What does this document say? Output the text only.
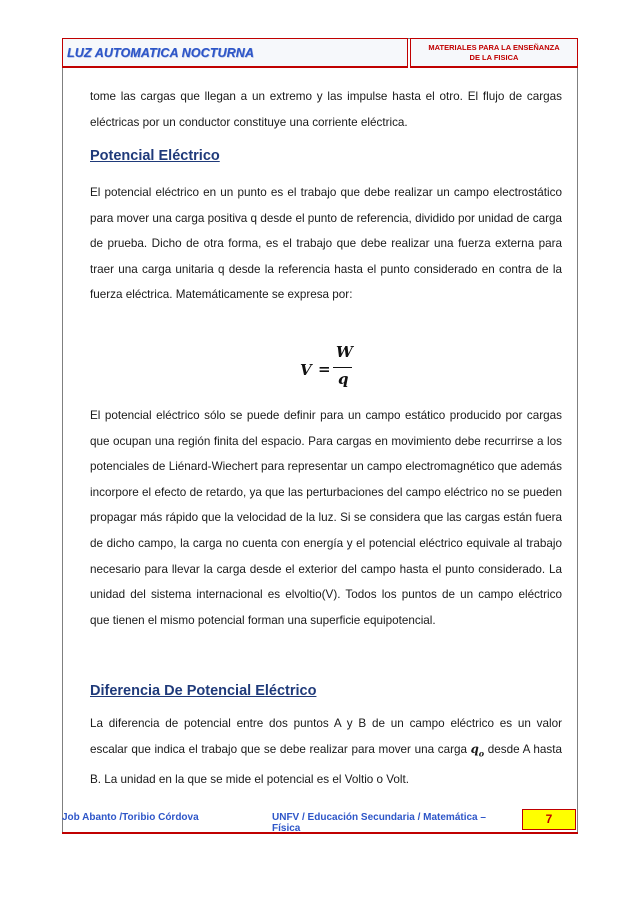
LUZ AUTOMATICA NOCTURNA	MATERIALES PARA LA ENSEÑANZA
DE LA FISICA
tome las cargas que llegan a un extremo y las impulse hasta el otro. El flujo de cargas eléctricas por un conductor constituye una corriente eléctrica.
Potencial Eléctrico
El potencial eléctrico en un punto es el trabajo que debe realizar un campo electrostático para mover una carga positiva q desde el punto de referencia, dividido por unidad de carga de prueba. Dicho de otra forma, es el trabajo que debe realizar una fuerza externa para traer una carga unitaria q desde la referencia hasta el punto considerado en contra de la fuerza eléctrica. Matemáticamente se expresa por:
V =
W
q
El potencial eléctrico sólo se puede definir para un campo estático producido por cargas que ocupan una región finita del espacio. Para cargas en movimiento debe recurrirse a los potenciales de Liénard-Wiechert para representar un campo electromagnético que además incorpore el efecto de retardo, ya que las perturbaciones del campo eléctrico no se pueden propagar más rápido que la velocidad de la luz. Si se considera que las cargas están fuera de dicho campo, la carga no cuenta con energía y el potencial eléctrico equivale al trabajo necesario para llevar la carga desde el exterior del campo hasta el punto considerado. La unidad del sistema internacional es elvoltio(V). Todos los puntos de un campo eléctrico que tienen el mismo potencial forman una superficie equipotencial.
Diferencia De Potencial Eléctrico
La diferencia de potencial entre dos puntos A y B de un campo eléctrico es un valor escalar que indica el trabajo que se debe realizar para mover una carga $q_o$ desde A hasta B. La unidad en la que se mide el potencial es el Voltio o Volt.
Job Abanto /Toribio Córdova	UNFV / Educación Secundaria / Matemática – Física
7
